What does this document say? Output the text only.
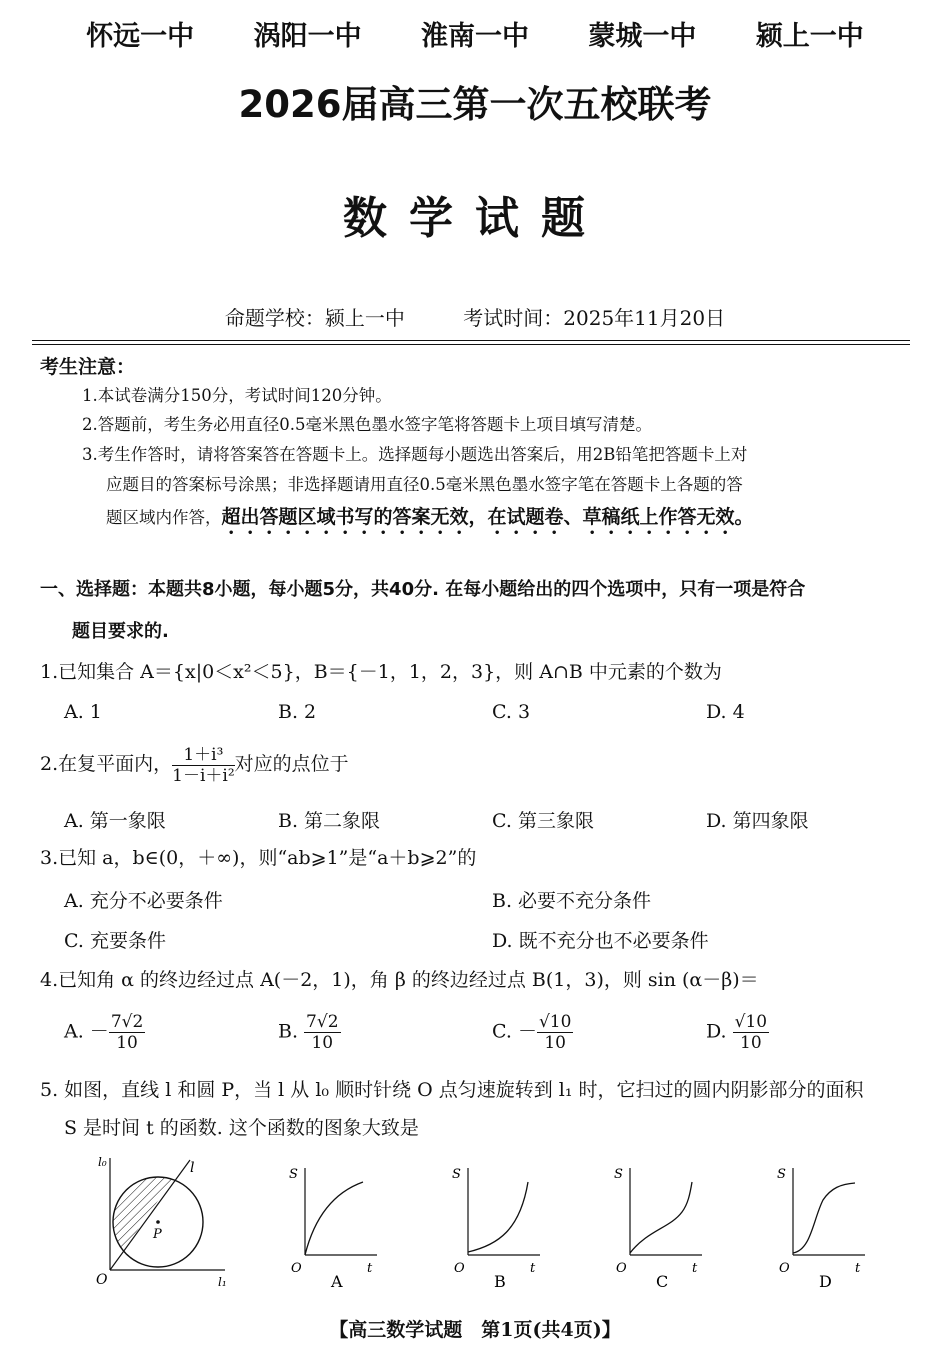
怀远一中 涡阳一中 淮南一中 蒙城一中 颍上一中
2026届高三第一次五校联考
数学试题
命题学校：颍上一中	考试时间：2025年11月20日
考生注意：
1.本试卷满分150分，考试时间120分钟。
2.答题前，考生务必用直径0.5毫米黑色墨水签字笔将答题卡上项目填写清楚。
3.考生作答时，请将答案答在答题卡上。选择题每小题选出答案后，用2B铅笔把答题卡上对
应题目的答案标号涂黑；非选择题请用直径0.5毫米黑色墨水签字笔在答题卡上各题的答
题区域内作答，超出答题区域书写的答案无效，在试题卷、草稿纸上作答无效。
一、选择题：本题共8小题，每小题5分，共40分. 在每小题给出的四个选项中，只有一项是符合
题目要求的.
1.已知集合 A＝{x|0＜x²＜5}，B＝{－1，1，2，3}，则 A∩B 中元素的个数为
A. 1	B. 2	C. 3	D. 4
2.在复平面内， $\frac{\text{1＋i³}}{\text{1－i＋i²}}$ 对应的点位于
A. 第一象限	B. 第二象限	C. 第三象限	D. 第四象限
3.已知 a，b∈(0，＋∞)，则“ab⩾1”是“a＋b⩾2”的
A. 充分不必要条件	B. 必要不充分条件
C. 充要条件	D. 既不充分也不必要条件
4.已知角 α 的终边经过点 A(－2，1)，角 β 的终边经过点 B(1，3)，则 sin (α－β)＝
A. － $\frac{7√2}{10}$	B. $\frac{7√2}{10}$	C. － $\frac{√10}{10}$	D. $\frac{√10}{10}$
5. 如图，直线 l 和圆 P，当 l 从 l₀ 顺时针绕 O 点匀速旋转到 l₁ 时，它扫过的圆内阴影部分的面积
S 是时间 t 的函数. 这个函数的图象大致是
l₀	l
l₁
O
P
S
t
O
A
S
t
O
B
S
t
O
C
S
t
O
D
【高三数学试题　第1页(共4页)】
